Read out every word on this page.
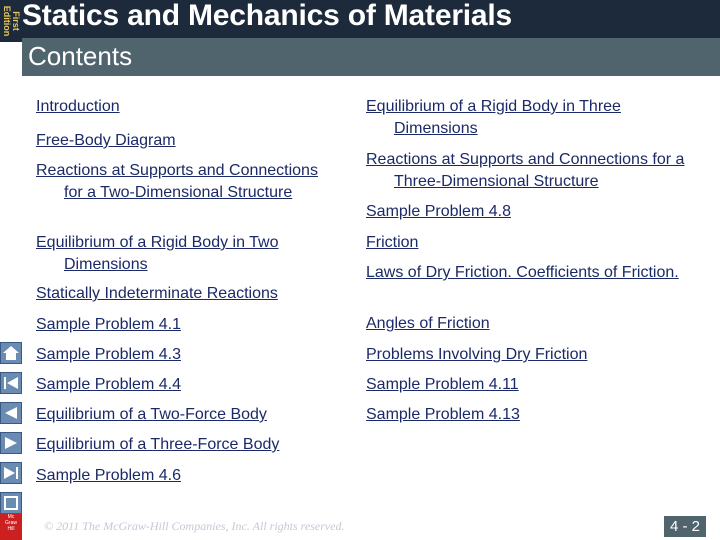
First Edition Statics and Mechanics of Materials
Contents
Introduction
Free-Body Diagram
Reactions at Supports and Connections for a Two-Dimensional Structure
Equilibrium of a Rigid Body in Two Dimensions
Statically Indeterminate Reactions
Sample Problem 4.1
Sample Problem 4.3
Sample Problem 4.4
Equilibrium of a Two-Force Body
Equilibrium of a Three-Force Body
Sample Problem 4.6
Equilibrium of a Rigid Body in Three Dimensions
Reactions at Supports and Connections for a Three-Dimensional Structure
Sample Problem 4.8
Friction
Laws of Dry Friction. Coefficients of Friction.
Angles of Friction
Problems Involving Dry Friction
Sample Problem 4.11
Sample Problem 4.13
Mc
Graw
Hill	© 2011 The McGraw-Hill Companies, Inc. All rights reserved.	4 - 2
